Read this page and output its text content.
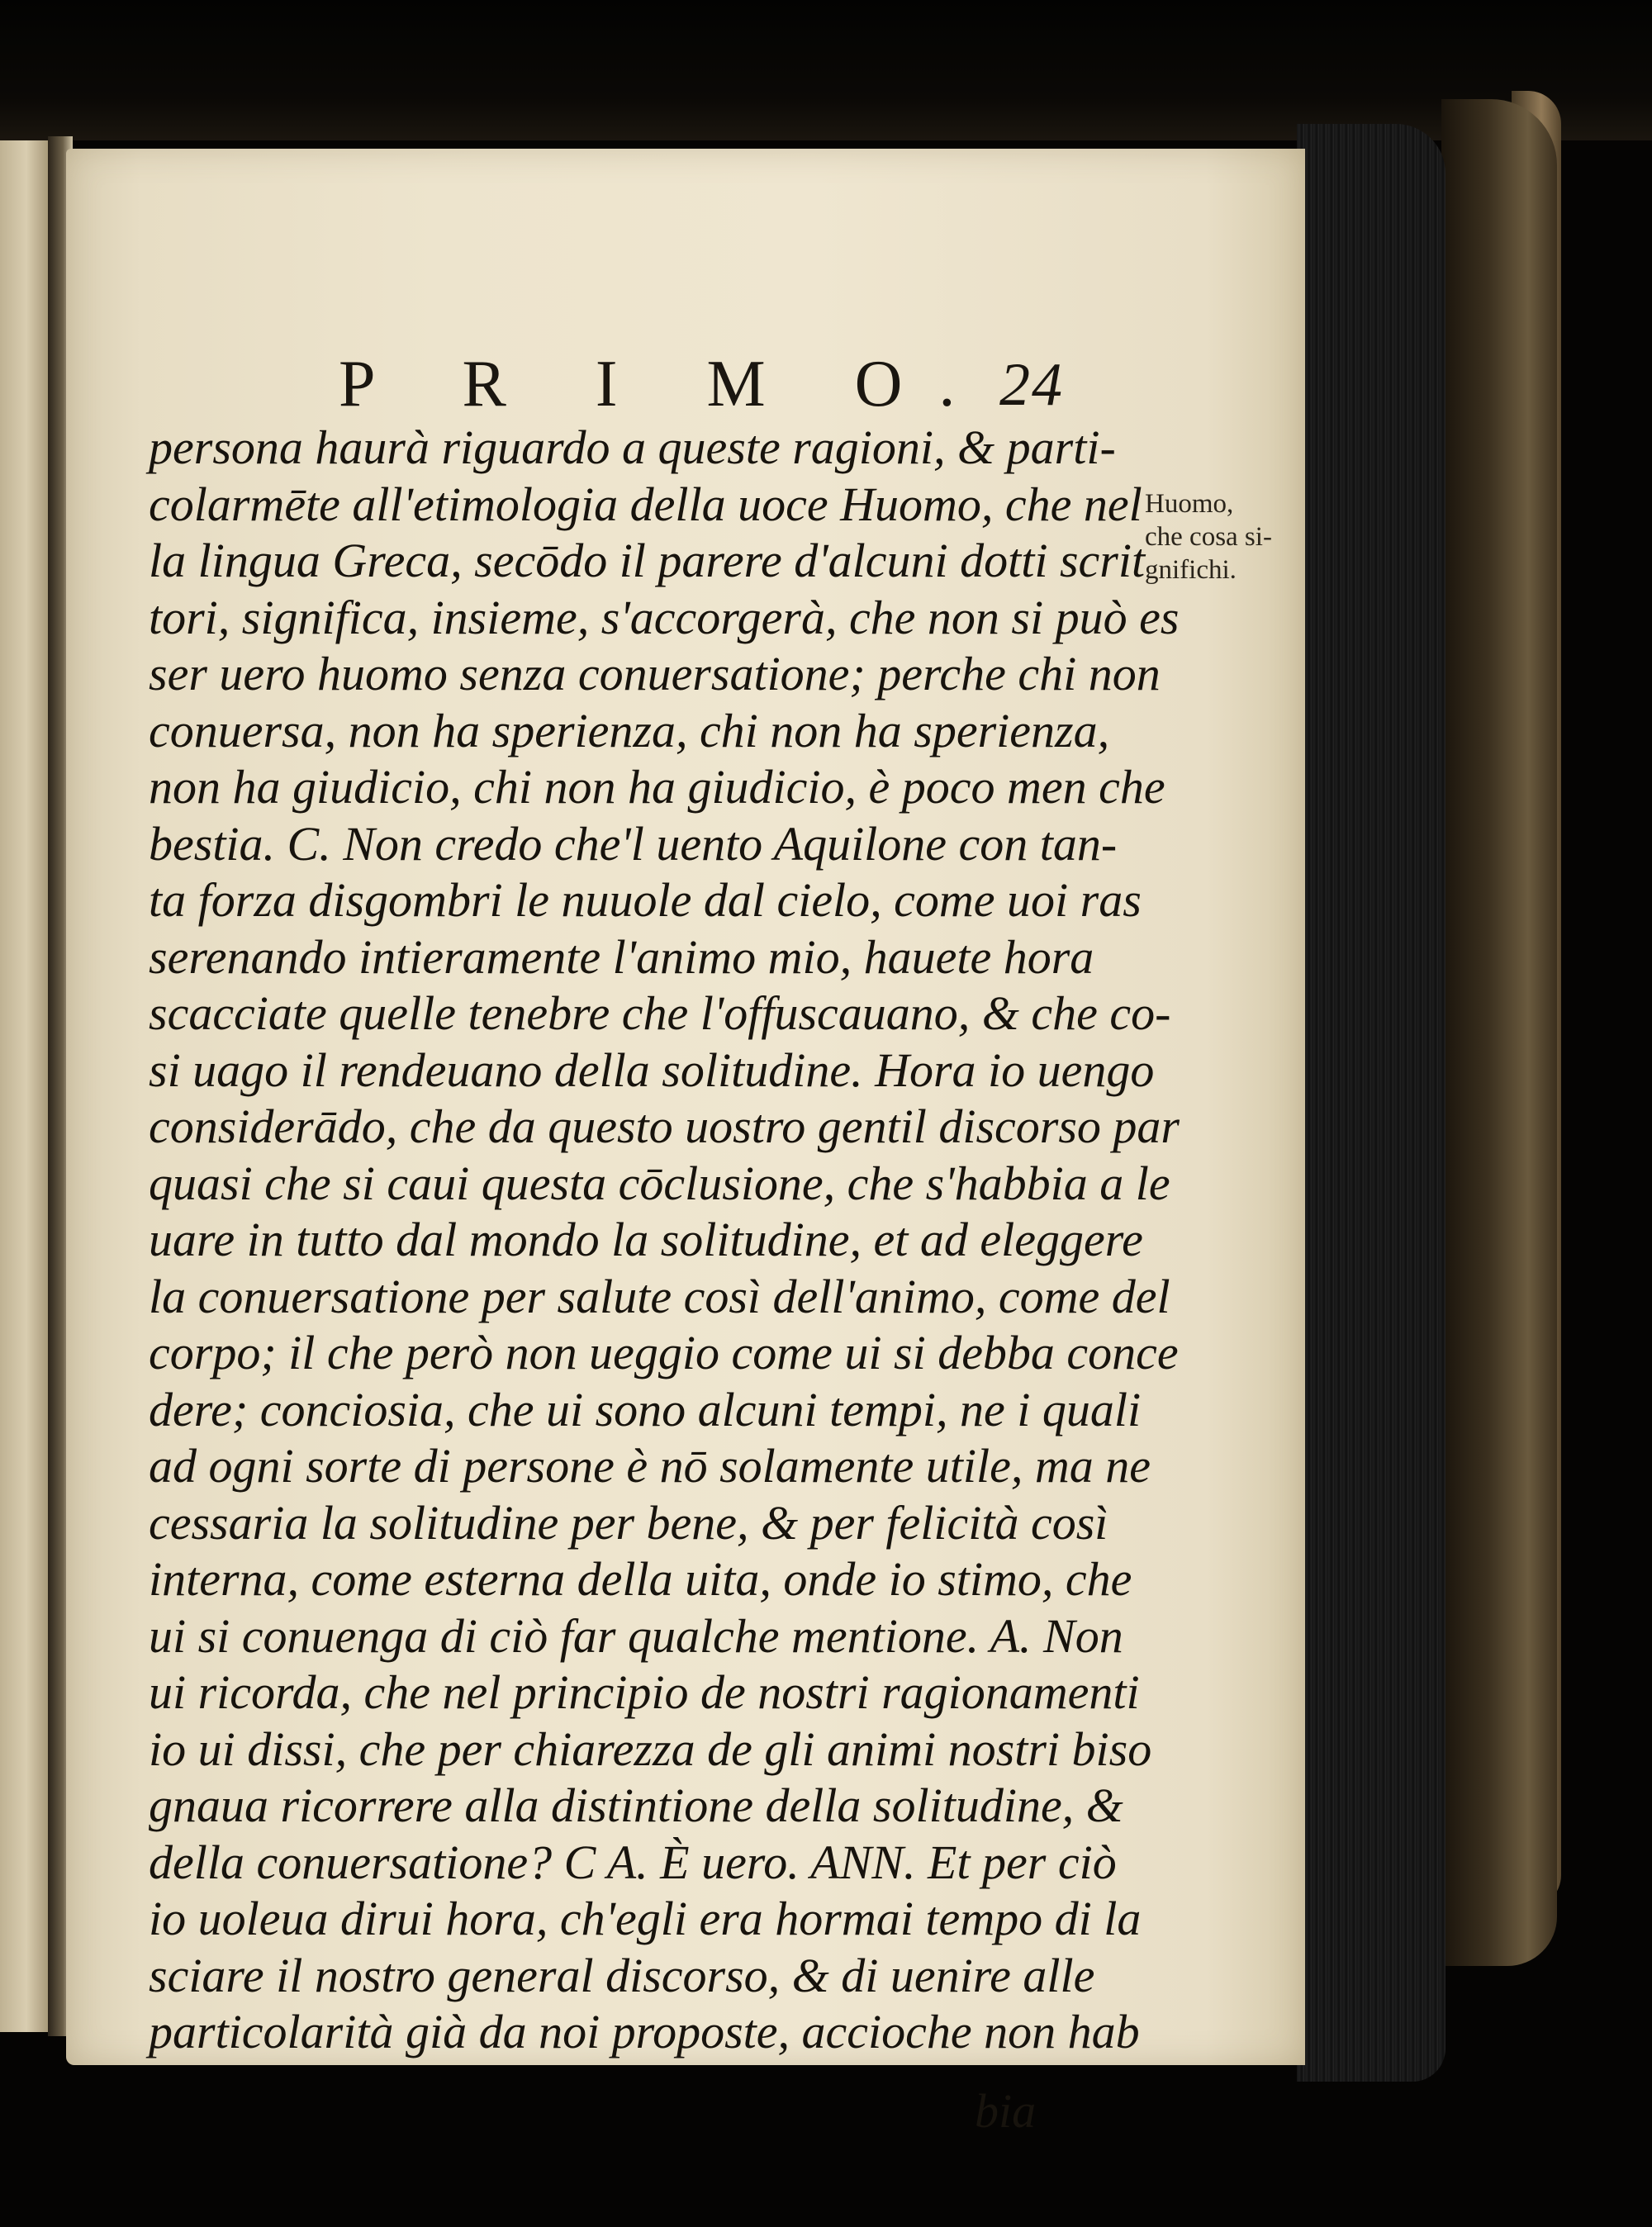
P R I M O. 24
persona haurà riguardo a queste ragioni, & parti-
colarmēte all'etimologia della uoce Huomo, che nel
la lingua Greca, secōdo il parere d'alcuni dotti scrit
tori, significa, insieme, s'accorgerà, che non si può es
ser uero huomo senza conuersatione; perche chi non
conuersa, non ha sperienza, chi non ha sperienza,
non ha giudicio, chi non ha giudicio, è poco men che
bestia. C. Non credo che'l uento Aquilone con tan-
ta forza disgombri le nuuole dal cielo, come uoi ras
serenando intieramente l'animo mio, hauete hora
scacciate quelle tenebre che l'offuscauano, & che co-
si uago il rendeuano della solitudine. Hora io uengo
considerādo, che da questo uostro gentil discorso par
quasi che si caui questa cōclusione, che s'habbia a le
uare in tutto dal mondo la solitudine, et ad eleggere
la conuersatione per salute così dell'animo, come del
corpo; il che però non ueggio come ui si debba conce
dere; conciosia, che ui sono alcuni tempi, ne i quali
ad ogni sorte di persone è nō solamente utile, ma ne
cessaria la solitudine per bene, & per felicità così
interna, come esterna della uita, onde io stimo, che
ui si conuenga di ciò far qualche mentione. A. Non
ui ricorda, che nel principio de nostri ragionamenti
io ui dissi, che per chiarezza de gli animi nostri biso
gnaua ricorrere alla distintione della solitudine, &
della conuersatione? C A. È uero. ANN. Et per ciò
io uoleua dirui hora, ch'egli era hormai tempo di la
sciare il nostro general discorso, & di uenire alle
particolarità già da noi proposte, accioche non hab
bia
Huomo,
che cosa si-
gnifichi.
